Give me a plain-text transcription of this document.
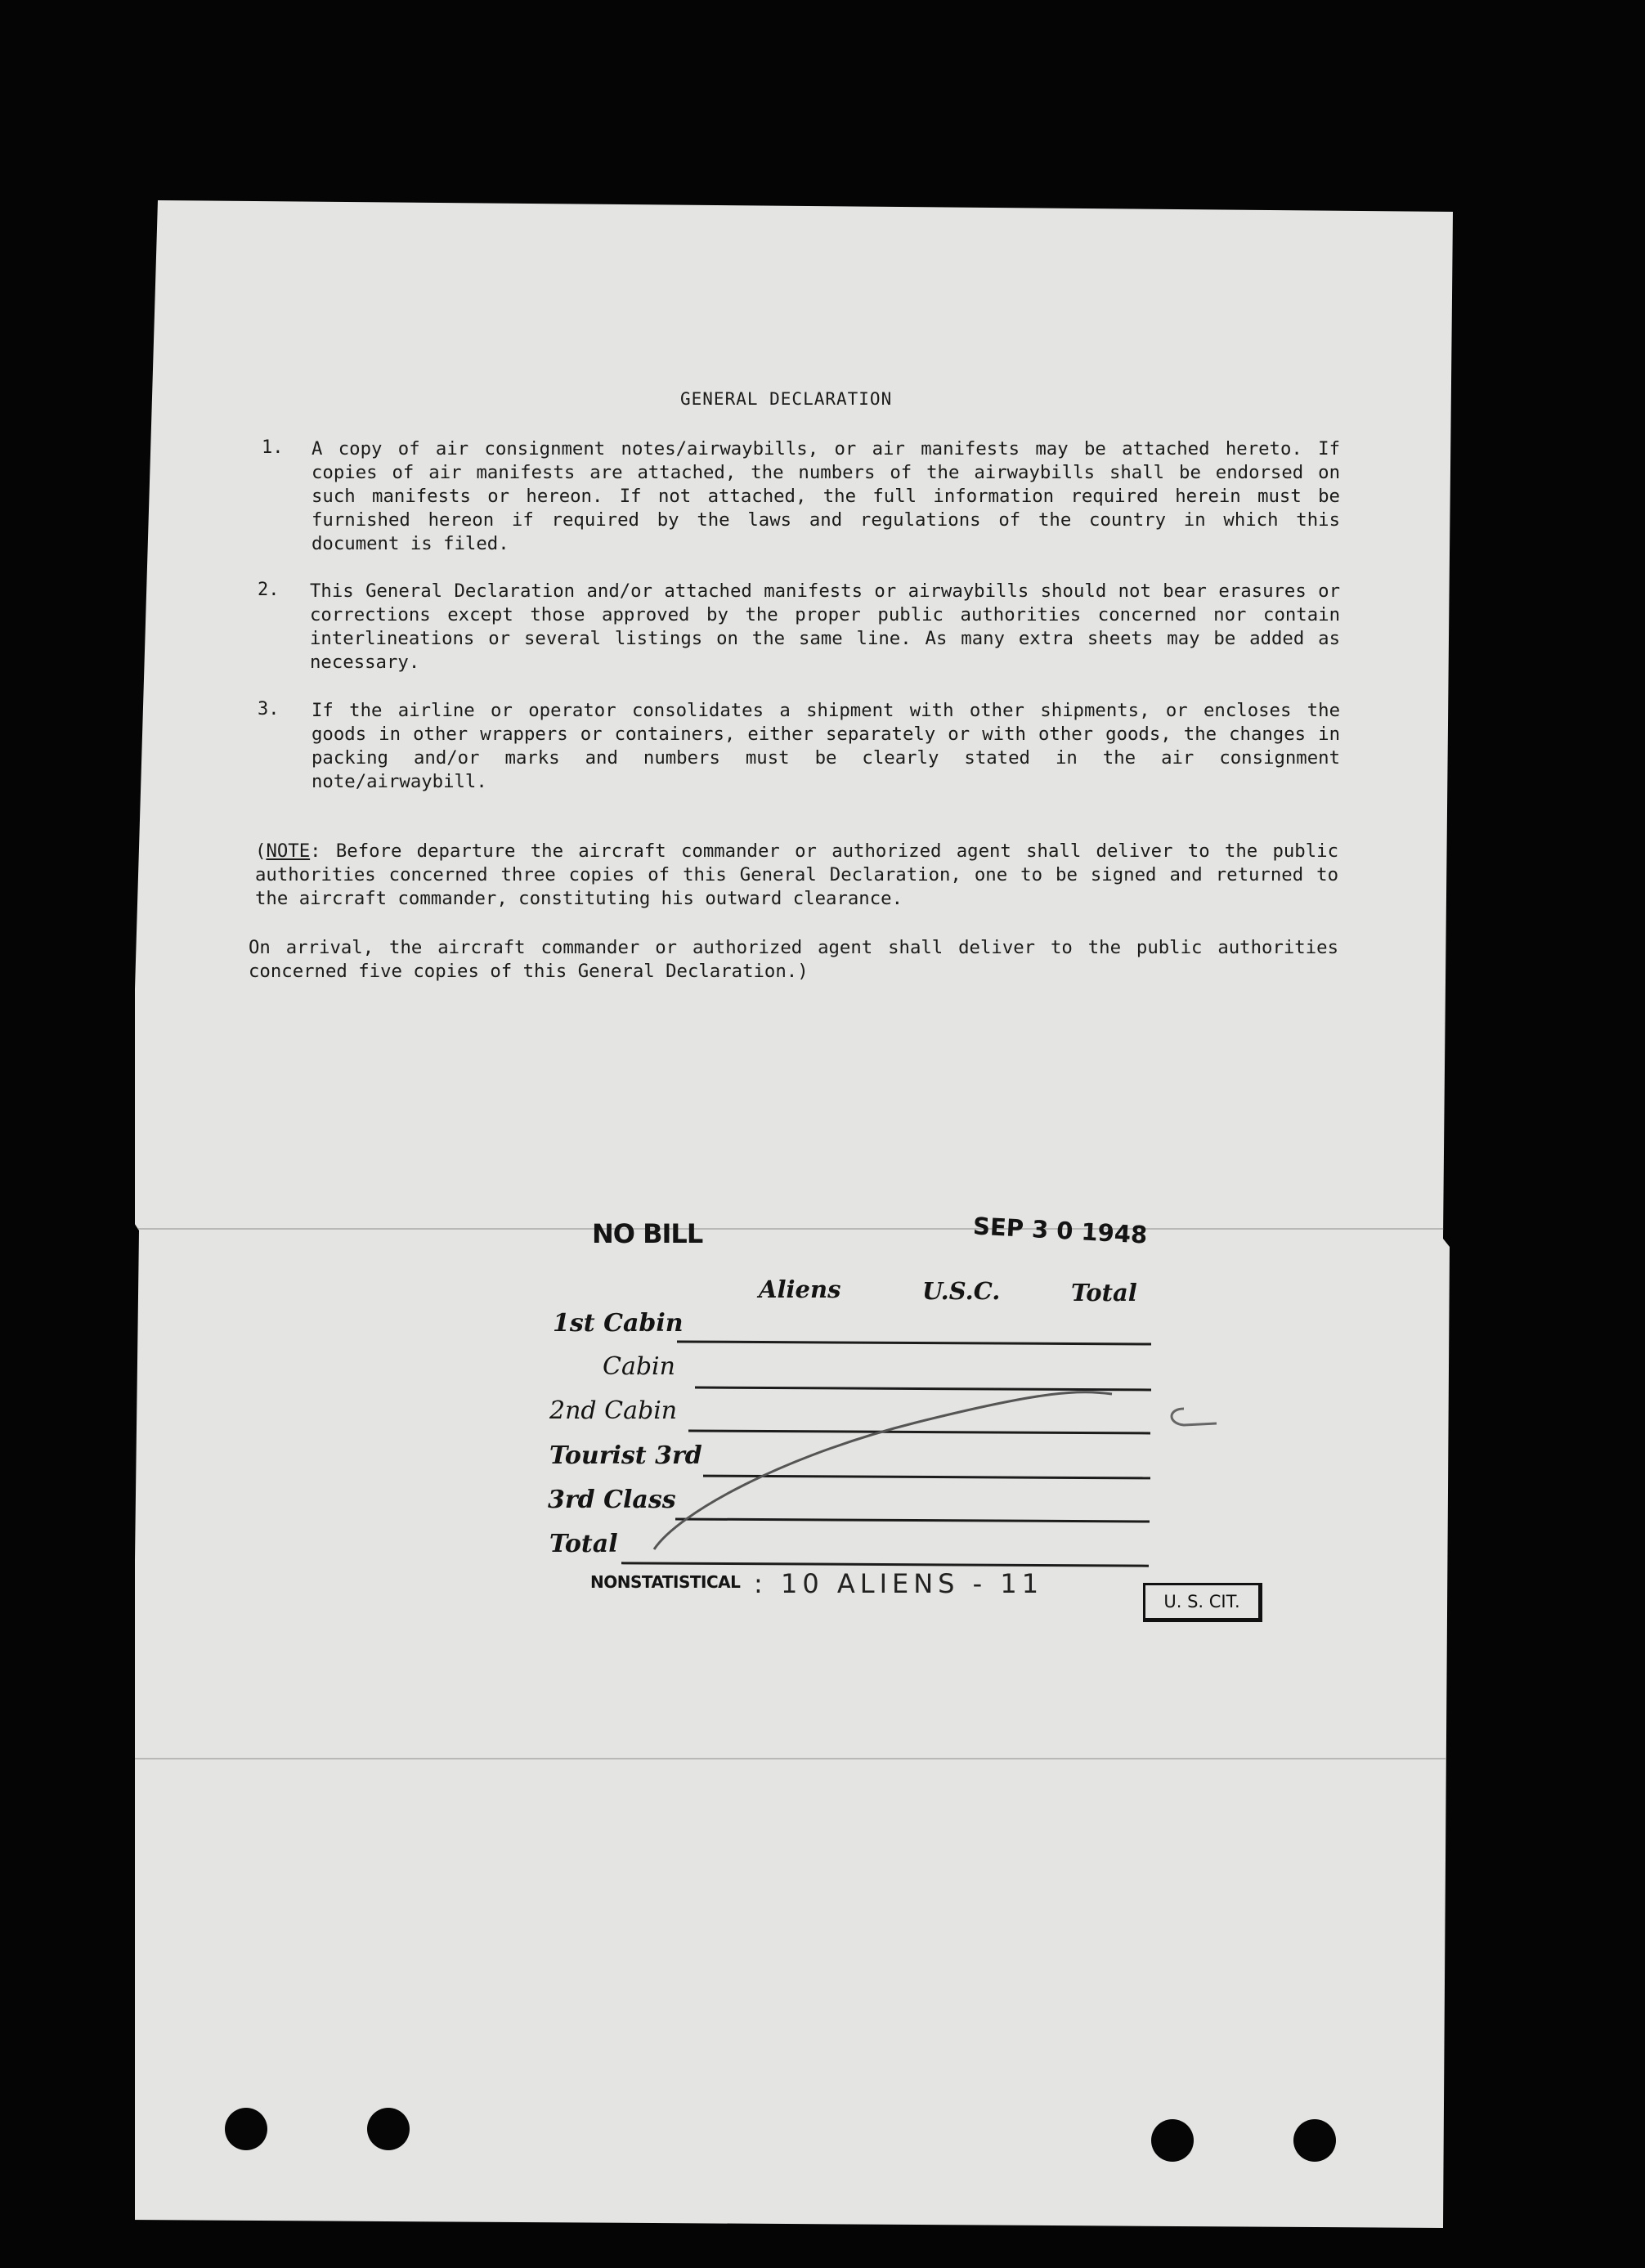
GENERAL DECLARATION
1. A copy of air consignment notes/airwaybills, or air manifests may be attached hereto. If copies of air manifests are attached, the numbers of the airwaybills shall be endorsed on such manifests or hereon. If not attached, the full information required herein must be furnished hereon if required by the laws and regulations of the country in which this document is filed.
2. This General Declaration and/or attached manifests or airwaybills should not bear erasures or corrections except those approved by the proper public authorities concerned nor contain interlineations or several listings on the same line. As many extra sheets may be added as necessary.
3. If the airline or operator consolidates a shipment with other shipments, or encloses the goods in other wrappers or containers, either separately or with other goods, the changes in packing and/or marks and numbers must be clearly stated in the air consignment note/airwaybill.
(NOTE: Before departure the aircraft commander or authorized agent shall deliver to the public authorities concerned three copies of this General Declaration, one to be signed and returned to the aircraft commander, constituting his outward clearance.
On arrival, the aircraft commander or authorized agent shall deliver to the public authorities concerned five copies of this General Declaration.)
NO BILL	SEP 3 0 1948
Aliens	U.S.C.	Total
1st Cabin
Cabin
2nd Cabin
Tourist 3rd
3rd Class
Total
NONSTATISTICAL : 10 ALIENS - 11
U. S. CIT.
